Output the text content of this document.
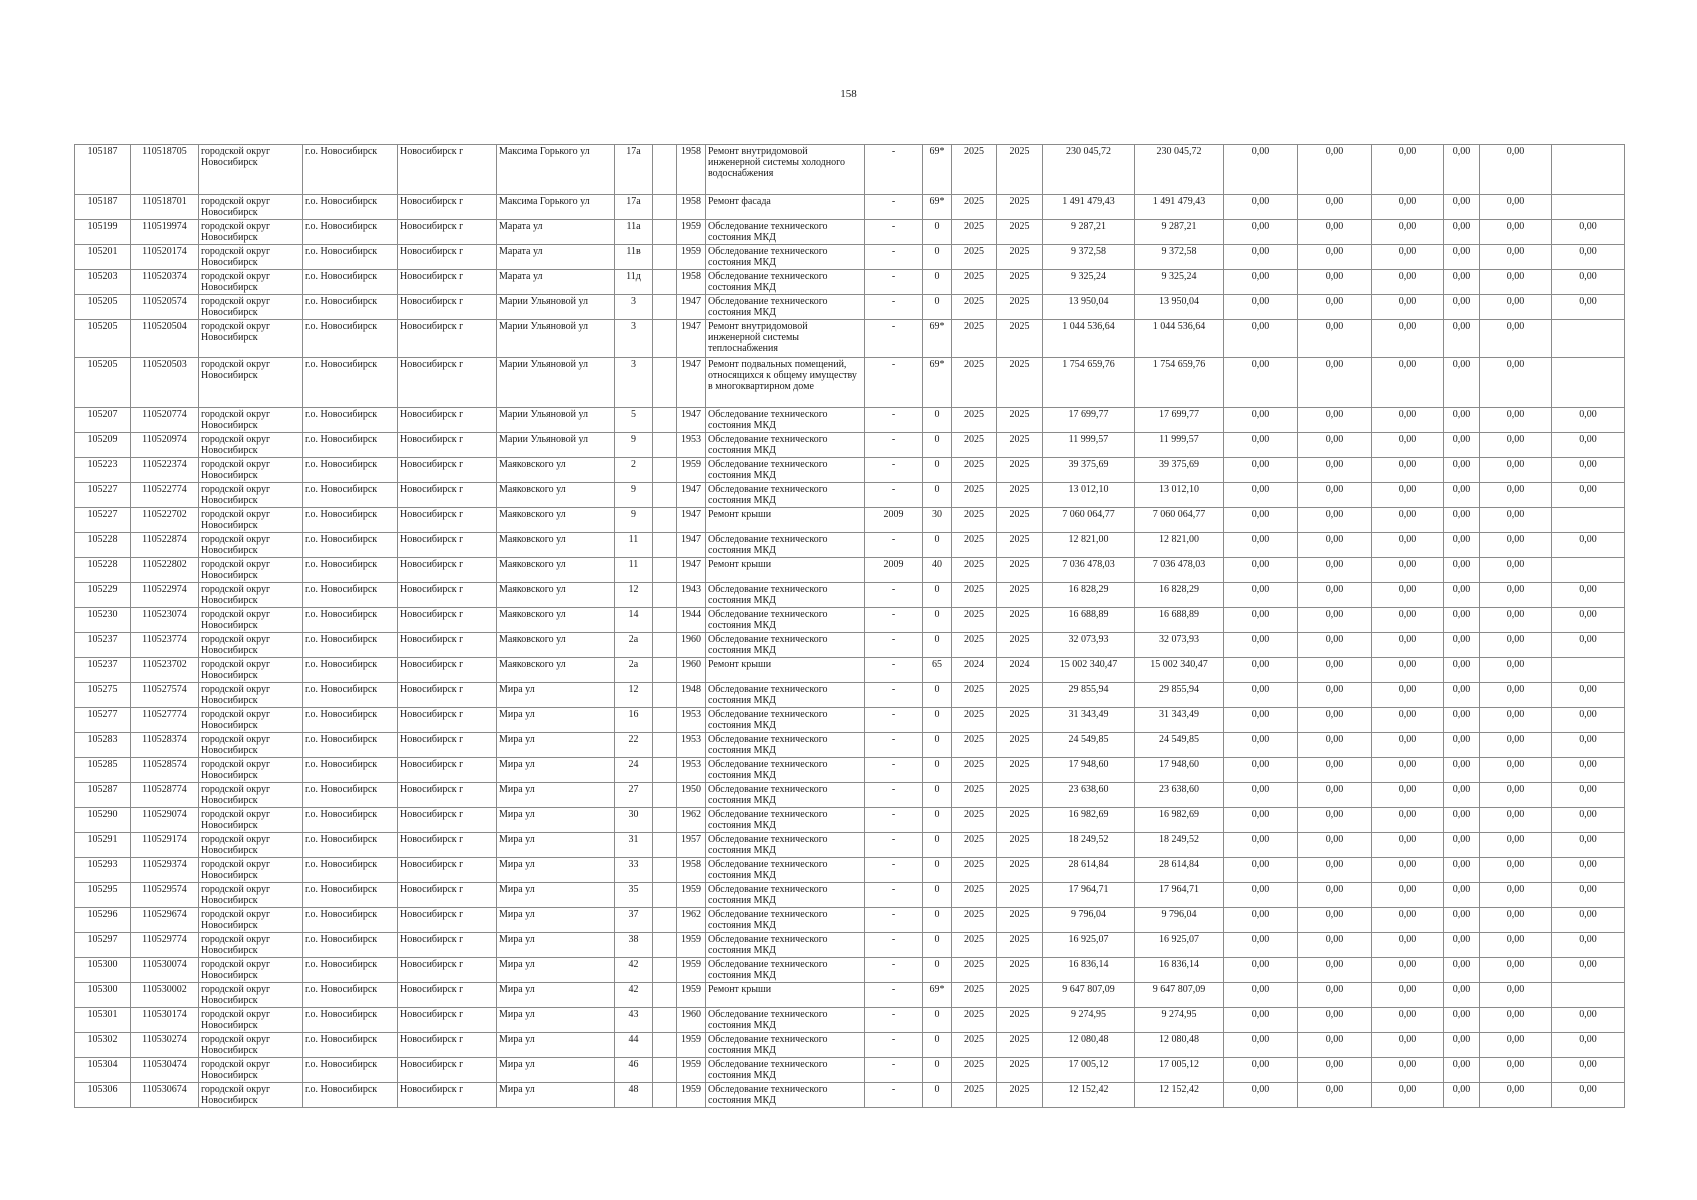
158
105187	110518705	городской округ Новосибирск	г.о. Новосибирск	Новосибирск г	Максима Горького ул	17а		1958	Ремонт внутридомовой инженерной системы холодного водоснабжения	-	69*	2025	2025	230 045,72	230 045,72	0,00	0,00	0,00	0,00	0,00	
105187	110518701	городской округ Новосибирск	г.о. Новосибирск	Новосибирск г	Максима Горького ул	17а		1958	Ремонт фасада	-	69*	2025	2025	1 491 479,43	1 491 479,43	0,00	0,00	0,00	0,00	0,00	
105199	110519974	городской округ Новосибирск	г.о. Новосибирск	Новосибирск г	Марата ул	11а		1959	Обследование технического состояния МКД	-	0	2025	2025	9 287,21	9 287,21	0,00	0,00	0,00	0,00	0,00	0,00
105201	110520174	городской округ Новосибирск	г.о. Новосибирск	Новосибирск г	Марата ул	11в		1959	Обследование технического состояния МКД	-	0	2025	2025	9 372,58	9 372,58	0,00	0,00	0,00	0,00	0,00	0,00
105203	110520374	городской округ Новосибирск	г.о. Новосибирск	Новосибирск г	Марата ул	11д		1958	Обследование технического состояния МКД	-	0	2025	2025	9 325,24	9 325,24	0,00	0,00	0,00	0,00	0,00	0,00
105205	110520574	городской округ Новосибирск	г.о. Новосибирск	Новосибирск г	Марии Ульяновой ул	3		1947	Обследование технического состояния МКД	-	0	2025	2025	13 950,04	13 950,04	0,00	0,00	0,00	0,00	0,00	0,00
105205	110520504	городской округ Новосибирск	г.о. Новосибирск	Новосибирск г	Марии Ульяновой ул	3		1947	Ремонт внутридомовой инженерной системы теплоснабжения	-	69*	2025	2025	1 044 536,64	1 044 536,64	0,00	0,00	0,00	0,00	0,00	
105205	110520503	городской округ Новосибирск	г.о. Новосибирск	Новосибирск г	Марии Ульяновой ул	3		1947	Ремонт подвальных помещений, относящихся к общему имуществу в многоквартирном доме	-	69*	2025	2025	1 754 659,76	1 754 659,76	0,00	0,00	0,00	0,00	0,00	
105207	110520774	городской округ Новосибирск	г.о. Новосибирск	Новосибирск г	Марии Ульяновой ул	5		1947	Обследование технического состояния МКД	-	0	2025	2025	17 699,77	17 699,77	0,00	0,00	0,00	0,00	0,00	0,00
105209	110520974	городской округ Новосибирск	г.о. Новосибирск	Новосибирск г	Марии Ульяновой ул	9		1953	Обследование технического состояния МКД	-	0	2025	2025	11 999,57	11 999,57	0,00	0,00	0,00	0,00	0,00	0,00
105223	110522374	городской округ Новосибирск	г.о. Новосибирск	Новосибирск г	Маяковского ул	2		1959	Обследование технического состояния МКД	-	0	2025	2025	39 375,69	39 375,69	0,00	0,00	0,00	0,00	0,00	0,00
105227	110522774	городской округ Новосибирск	г.о. Новосибирск	Новосибирск г	Маяковского ул	9		1947	Обследование технического состояния МКД	-	0	2025	2025	13 012,10	13 012,10	0,00	0,00	0,00	0,00	0,00	0,00
105227	110522702	городской округ Новосибирск	г.о. Новосибирск	Новосибирск г	Маяковского ул	9		1947	Ремонт крыши	2009	30	2025	2025	7 060 064,77	7 060 064,77	0,00	0,00	0,00	0,00	0,00	
105228	110522874	городской округ Новосибирск	г.о. Новосибирск	Новосибирск г	Маяковского ул	11		1947	Обследование технического состояния МКД	-	0	2025	2025	12 821,00	12 821,00	0,00	0,00	0,00	0,00	0,00	0,00
105228	110522802	городской округ Новосибирск	г.о. Новосибирск	Новосибирск г	Маяковского ул	11		1947	Ремонт крыши	2009	40	2025	2025	7 036 478,03	7 036 478,03	0,00	0,00	0,00	0,00	0,00	
105229	110522974	городской округ Новосибирск	г.о. Новосибирск	Новосибирск г	Маяковского ул	12		1943	Обследование технического состояния МКД	-	0	2025	2025	16 828,29	16 828,29	0,00	0,00	0,00	0,00	0,00	0,00
105230	110523074	городской округ Новосибирск	г.о. Новосибирск	Новосибирск г	Маяковского ул	14		1944	Обследование технического состояния МКД	-	0	2025	2025	16 688,89	16 688,89	0,00	0,00	0,00	0,00	0,00	0,00
105237	110523774	городской округ Новосибирск	г.о. Новосибирск	Новосибирск г	Маяковского ул	2а		1960	Обследование технического состояния МКД	-	0	2025	2025	32 073,93	32 073,93	0,00	0,00	0,00	0,00	0,00	0,00
105237	110523702	городской округ Новосибирск	г.о. Новосибирск	Новосибирск г	Маяковского ул	2а		1960	Ремонт крыши	-	65	2024	2024	15 002 340,47	15 002 340,47	0,00	0,00	0,00	0,00	0,00	
105275	110527574	городской округ Новосибирск	г.о. Новосибирск	Новосибирск г	Мира ул	12		1948	Обследование технического состояния МКД	-	0	2025	2025	29 855,94	29 855,94	0,00	0,00	0,00	0,00	0,00	0,00
105277	110527774	городской округ Новосибирск	г.о. Новосибирск	Новосибирск г	Мира ул	16		1953	Обследование технического состояния МКД	-	0	2025	2025	31 343,49	31 343,49	0,00	0,00	0,00	0,00	0,00	0,00
105283	110528374	городской округ Новосибирск	г.о. Новосибирск	Новосибирск г	Мира ул	22		1953	Обследование технического состояния МКД	-	0	2025	2025	24 549,85	24 549,85	0,00	0,00	0,00	0,00	0,00	0,00
105285	110528574	городской округ Новосибирск	г.о. Новосибирск	Новосибирск г	Мира ул	24		1953	Обследование технического состояния МКД	-	0	2025	2025	17 948,60	17 948,60	0,00	0,00	0,00	0,00	0,00	0,00
105287	110528774	городской округ Новосибирск	г.о. Новосибирск	Новосибирск г	Мира ул	27		1950	Обследование технического состояния МКД	-	0	2025	2025	23 638,60	23 638,60	0,00	0,00	0,00	0,00	0,00	0,00
105290	110529074	городской округ Новосибирск	г.о. Новосибирск	Новосибирск г	Мира ул	30		1962	Обследование технического состояния МКД	-	0	2025	2025	16 982,69	16 982,69	0,00	0,00	0,00	0,00	0,00	0,00
105291	110529174	городской округ Новосибирск	г.о. Новосибирск	Новосибирск г	Мира ул	31		1957	Обследование технического состояния МКД	-	0	2025	2025	18 249,52	18 249,52	0,00	0,00	0,00	0,00	0,00	0,00
105293	110529374	городской округ Новосибирск	г.о. Новосибирск	Новосибирск г	Мира ул	33		1958	Обследование технического состояния МКД	-	0	2025	2025	28 614,84	28 614,84	0,00	0,00	0,00	0,00	0,00	0,00
105295	110529574	городской округ Новосибирск	г.о. Новосибирск	Новосибирск г	Мира ул	35		1959	Обследование технического состояния МКД	-	0	2025	2025	17 964,71	17 964,71	0,00	0,00	0,00	0,00	0,00	0,00
105296	110529674	городской округ Новосибирск	г.о. Новосибирск	Новосибирск г	Мира ул	37		1962	Обследование технического состояния МКД	-	0	2025	2025	9 796,04	9 796,04	0,00	0,00	0,00	0,00	0,00	0,00
105297	110529774	городской округ Новосибирск	г.о. Новосибирск	Новосибирск г	Мира ул	38		1959	Обследование технического состояния МКД	-	0	2025	2025	16 925,07	16 925,07	0,00	0,00	0,00	0,00	0,00	0,00
105300	110530074	городской округ Новосибирск	г.о. Новосибирск	Новосибирск г	Мира ул	42		1959	Обследование технического состояния МКД	-	0	2025	2025	16 836,14	16 836,14	0,00	0,00	0,00	0,00	0,00	0,00
105300	110530002	городской округ Новосибирск	г.о. Новосибирск	Новосибирск г	Мира ул	42		1959	Ремонт крыши	-	69*	2025	2025	9 647 807,09	9 647 807,09	0,00	0,00	0,00	0,00	0,00	
105301	110530174	городской округ Новосибирск	г.о. Новосибирск	Новосибирск г	Мира ул	43		1960	Обследование технического состояния МКД	-	0	2025	2025	9 274,95	9 274,95	0,00	0,00	0,00	0,00	0,00	0,00
105302	110530274	городской округ Новосибирск	г.о. Новосибирск	Новосибирск г	Мира ул	44		1959	Обследование технического состояния МКД	-	0	2025	2025	12 080,48	12 080,48	0,00	0,00	0,00	0,00	0,00	0,00
105304	110530474	городской округ Новосибирск	г.о. Новосибирск	Новосибирск г	Мира ул	46		1959	Обследование технического состояния МКД	-	0	2025	2025	17 005,12	17 005,12	0,00	0,00	0,00	0,00	0,00	0,00
105306	110530674	городской округ Новосибирск	г.о. Новосибирск	Новосибирск г	Мира ул	48		1959	Обследование технического состояния МКД	-	0	2025	2025	12 152,42	12 152,42	0,00	0,00	0,00	0,00	0,00	0,00
